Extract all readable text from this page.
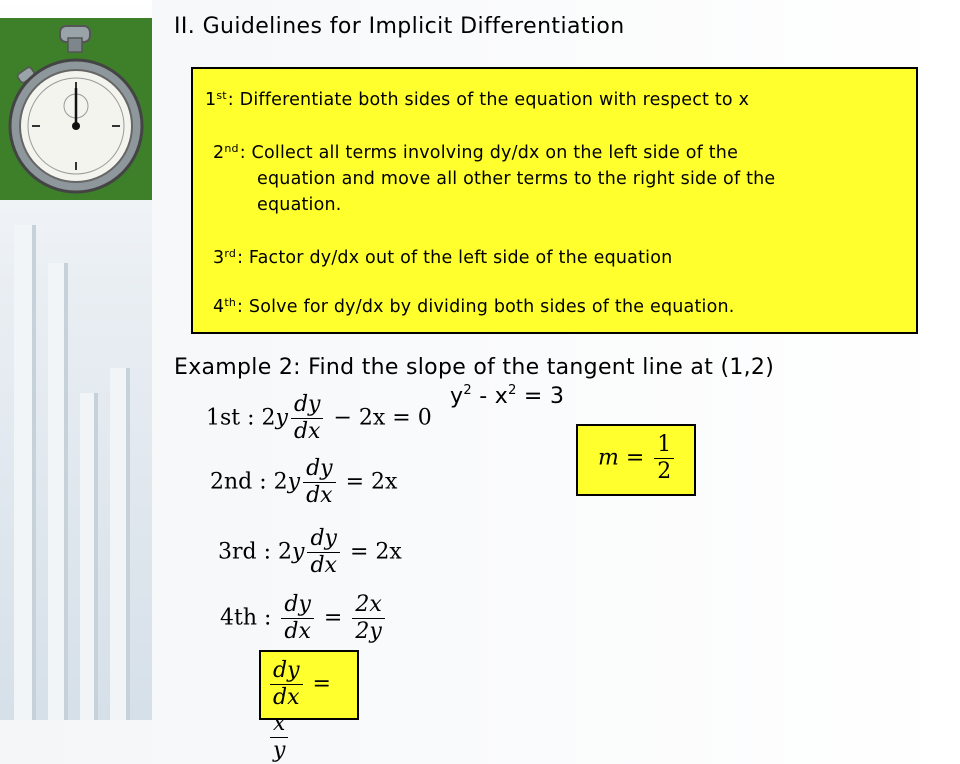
II. Guidelines for Implicit Differentiation
1st: Differentiate both sides of the equation with respect to x
2nd: Collect all terms involving dy/dx on the left side of the
equation and move all other terms to the right side of the
equation.
3rd: Factor dy/dx out of the left side of the equation
4th: Solve for dy/dx by dividing both sides of the equation.
Example 2: Find the slope of the tangent line at (1,2)
$y^2 - x^2 = 3$
1st : $2y \frac{dy}{dx} - 2x = 0$
2nd : $2y \frac{dy}{dx} = 2x$
3rd : $2y \frac{dy}{dx} = 2x$
4th : $\frac{dy}{dx} = \frac{2x}{2y}$
$\frac{dy}{dx}$ =
$\frac{x}{y}$
$m = \frac{1}{2}$
